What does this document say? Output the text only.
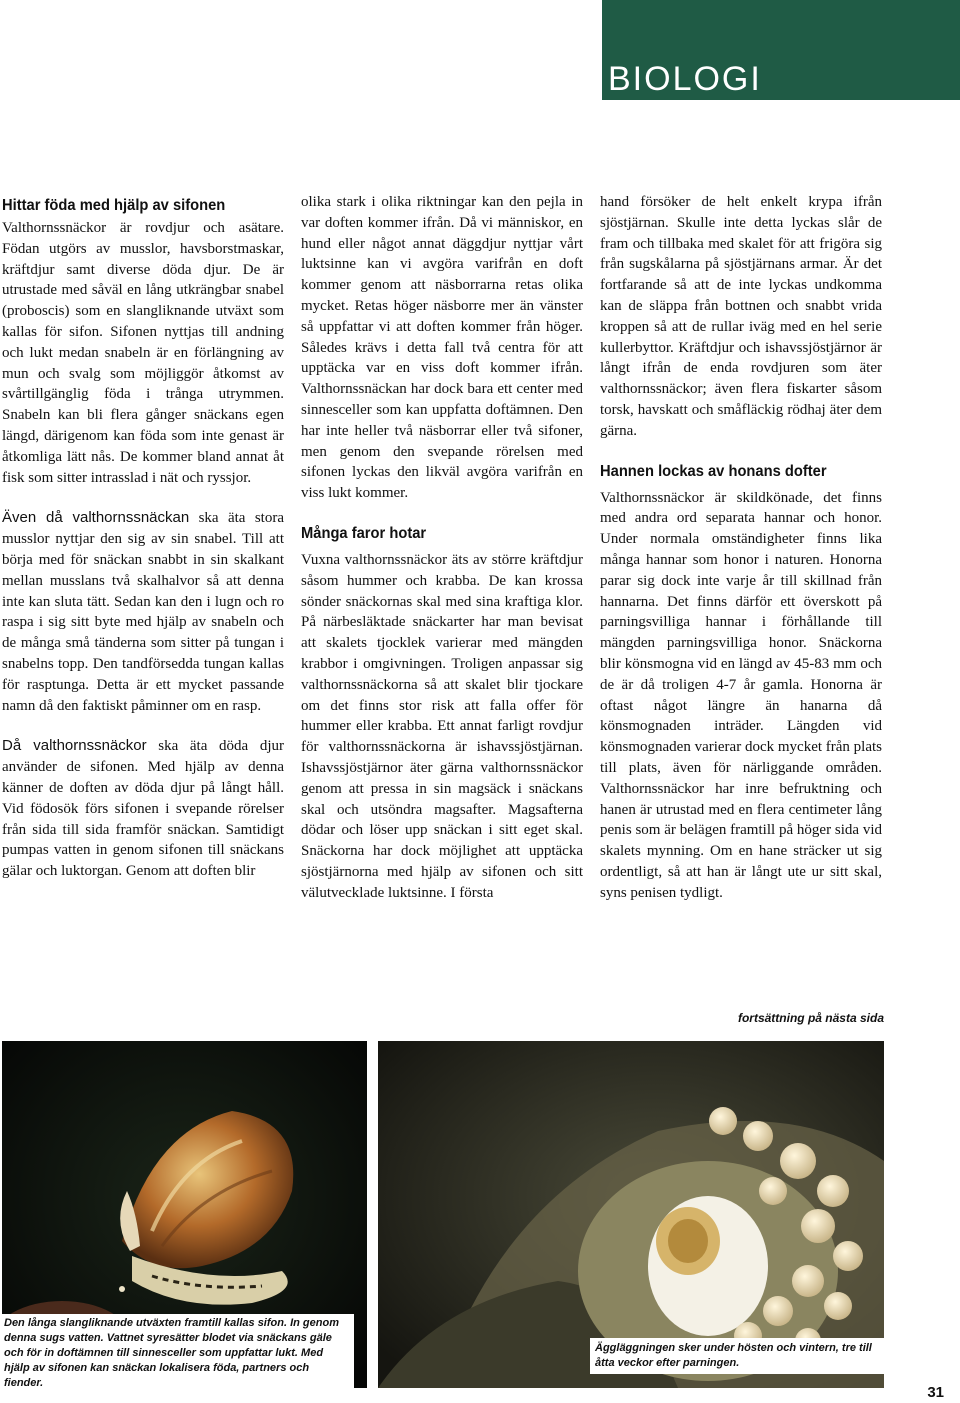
BIOLOGI
Hittar föda med hjälp av sifonen

Valthornssnäckor är rovdjur och asätare. Födan utgörs av musslor, havsborstmaskar, kräftdjur samt diverse döda djur. De är utrustade med såväl en lång utkrängbar snabel (proboscis) som en slangliknande utväxt som kallas för sifon. Sifonen nyttjas till andning och lukt medan snabeln är en förlängning av mun och svalg som möjliggör åtkomst av svårtillgänglig föda i trånga utrymmen. Snabeln kan bli flera gånger snäckans egen längd, därigenom kan föda som inte genast är åtkomliga lätt nås. De kommer bland annat åt fisk som sitter intrasslad i nät och ryssjor.

Även då valthornssnäckan ska äta stora musslor nyttjar den sig av sin snabel. Till att börja med för snäckan snabbt in sin skalkant mellan musslans två skalhalvor så att denna inte kan sluta tätt. Sedan kan den i lugn och ro raspa i sig sitt byte med hjälp av snabeln och de många små tänderna som sitter på tungan i snabelns topp. Den tandförsedda tungan kallas för rasptunga. Detta är ett mycket passande namn då den faktiskt påminner om en rasp.

Då valthornssnäckor ska äta döda djur använder de sifonen. Med hjälp av denna känner de doften av döda djur på långt håll. Vid födosök förs sifonen i svepande rörelser från sida till sida framför snäckan. Samtidigt pumpas vatten in genom sifonen till snäckans gälar och luktorgan. Genom att doften blir

olika stark i olika riktningar kan den pejla in var doften kommer ifrån. Då vi människor, en hund eller något annat däggdjur nyttjar vårt luktsinne kan vi avgöra varifrån en doft kommer genom att näsborrarna retas olika mycket. Retas höger näsborre mer än vänster så uppfattar vi att doften kommer från höger. Således krävs i detta fall två centra för att upptäcka var en viss doft kommer ifrån. Valthornssnäckan har dock bara ett center med sinnesceller som kan uppfatta doftämnen. Den har inte heller två näsborrar eller två sifoner, men genom den svepande rörelsen med sifonen lyckas den likväl avgöra varifrån en viss lukt kommer.

Många faror hotar

Vuxna valthornssnäckor äts av större kräftdjur såsom hummer och krabba. De kan krossa sönder snäckornas skal med sina kraftiga klor. På närbesläktade snäckarter har man bevisat att skalets tjocklek varierar med mängden krabbor i omgivningen. Troligen anpassar sig valthornssnäckorna så att skalet blir tjockare om det finns stor risk att falla offer för hummer eller krabba. Ett annat farligt rovdjur för valthornssnäckorna är ishavssjöstjärnan. Ishavssjöstjärnor äter gärna valthornssnäckor genom att pressa in sin magsäck i snäckans skal och utsöndra magsafter. Magsafterna dödar och löser upp snäckan i sitt eget skal. Snäckorna har dock möjlighet att upptäcka sjöstjärnorna med hjälp av sifonen och sitt välutvecklade luktsinne. I första

hand försöker de helt enkelt krypa ifrån sjöstjärnan. Skulle inte detta lyckas slår de fram och tillbaka med skalet för att frigöra sig från sugskålarna på sjöstjärnans armar. Är det fortfarande så att de inte lyckas undkomma kan de släppa från bottnen och snabbt vrida kroppen så att de rullar iväg med en hel serie kullerbyttor. Kräftdjur och ishavssjöstjärnor är långt ifrån de enda rovdjuren som äter valthornssnäckor; även flera fiskarter såsom torsk, havskatt och småfläckig rödhaj äter dem gärna.

Hannen lockas av honans dofter

Valthornssnäckor är skildkönade, det finns med andra ord separata hannar och honor. Under normala omständigheter finns lika många hannar som honor i naturen. Honorna parar sig dock inte varje år till skillnad från hannarna. Det finns därför ett överskott på parningsvilliga hannar i förhållande till mängden parningsvilliga honor. Snäckorna blir könsmogna vid en längd av 45-83 mm och de är då troligen 4-7 år gamla. Honorna är oftast något längre än hanarna då könsmognaden inträder. Längden vid könsmognaden varierar dock mycket från plats till plats, även för närliggande områden. Valthornssnäckor har inre befruktning och hanen är utrustad med en flera centimeter lång penis som är belägen framtill på höger sida vid skalets mynning. Om en hane sträcker ut sig ordentligt, så att han är långt ute ur sitt skal, syns penisen tydligt.

fortsättning på nästa sida
Den långa slangliknande utväxten framtill kallas sifon. In genom denna sugs vatten. Vattnet syresätter blodet via snäckans gäle och för in doftämnen till sinnesceller som uppfattar lukt. Med hjälp av sifonen kan snäckan lokalisera föda, partners och fiender.
Äggläggningen sker under hösten och vintern, tre till åtta veckor efter parningen.
31
